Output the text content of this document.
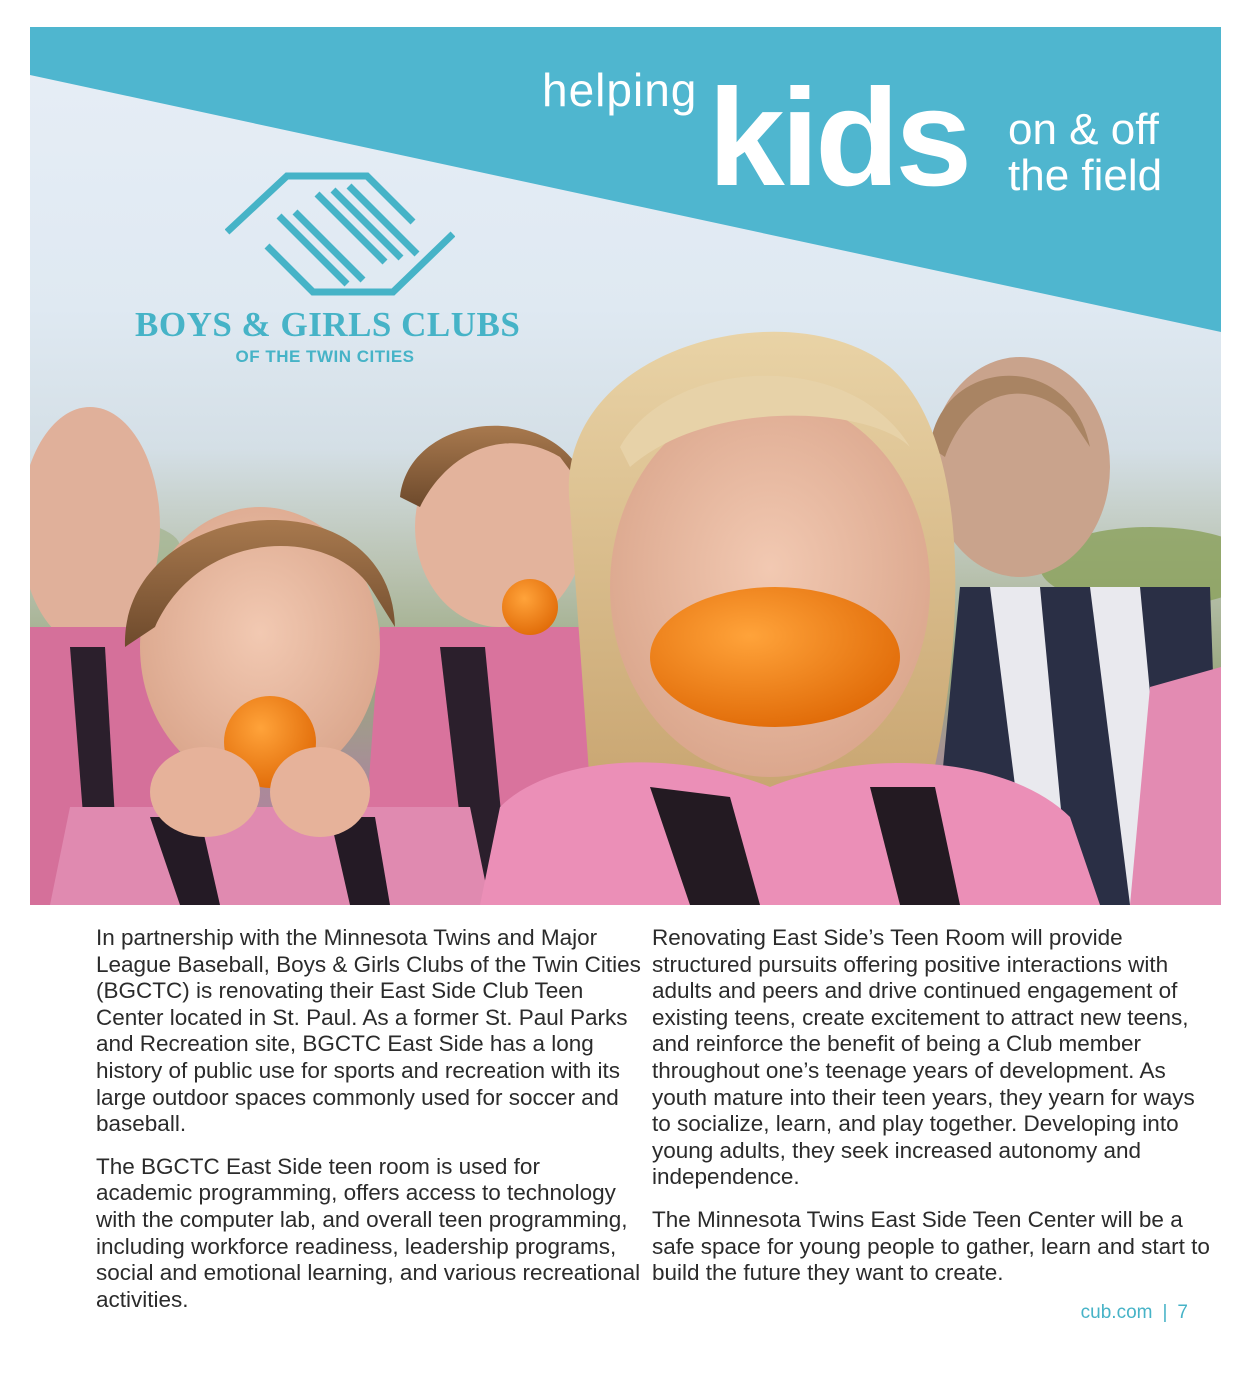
helping kids on & off
the field
BOYS & GIRLS CLUBS
OF THE TWIN CITIES

In partnership with the Minnesota Twins and Major League Baseball, Boys & Girls Clubs of the Twin Cities (BGCTC) is renovating their East Side Club Teen Center located in St. Paul. As a former St. Paul Parks and Recreation site, BGCTC East Side has a long history of public use for sports and recreation with its large outdoor spaces commonly used for soccer and baseball.

The BGCTC East Side teen room is used for academic programming, offers access to technology with the computer lab, and overall teen programming, including workforce readiness, leadership programs, social and emotional learning, and various recreational activities.

Renovating East Side’s Teen Room will provide structured pursuits offering positive interactions with adults and peers and drive continued engagement of existing teens, create excitement to attract new teens, and reinforce the benefit of being a Club member throughout one’s teenage years of development. As youth mature into their teen years, they yearn for ways to socialize, learn, and play together. Developing into young adults, they seek increased autonomy and independence.

The Minnesota Twins East Side Teen Center will be a safe space for young people to gather, learn and start to build the future they want to create.

cub.com | 7
